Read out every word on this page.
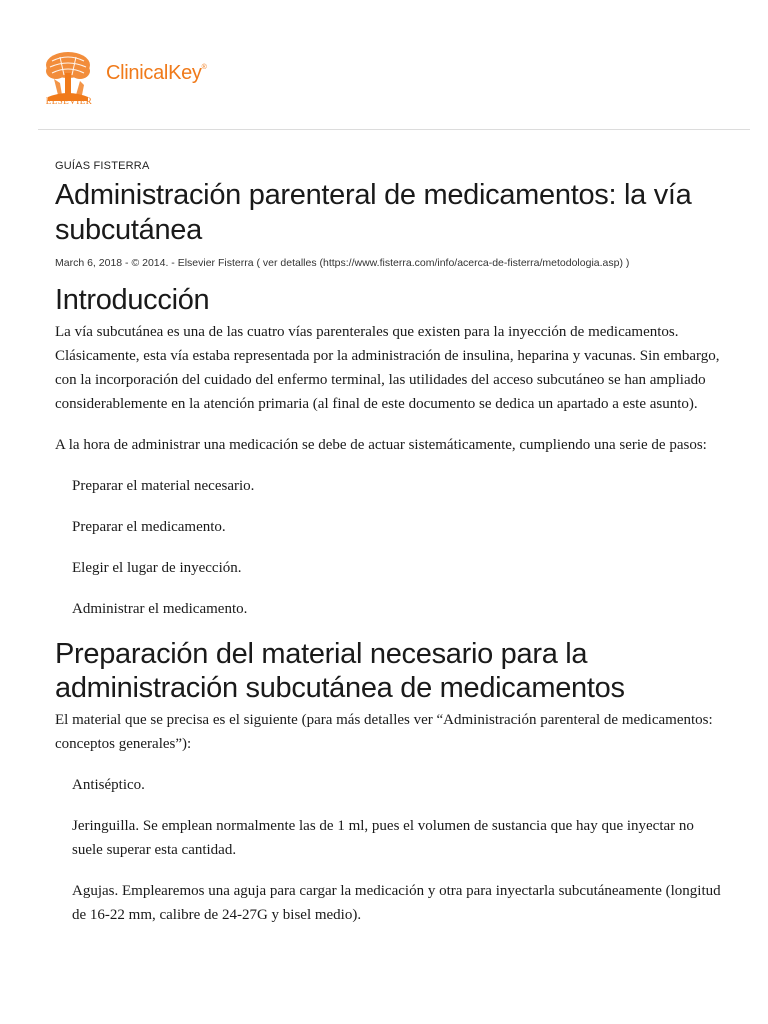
ELSEVIER
ClinicalKey®

GUÍAS FISTERRA

Administración parenteral de medicamentos: la vía subcutánea

March 6, 2018 - © 2014. - Elsevier Fisterra ( ver detalles (https://www.fisterra.com/info/acerca-de-fisterra/metodologia.asp) )

Introducción

La vía subcutánea es una de las cuatro vías parenterales que existen para la inyección de medicamentos. Clásicamente, esta vía estaba representada por la administración de insulina, heparina y vacunas. Sin embargo, con la incorporación del cuidado del enfermo terminal, las utilidades del acceso subcutáneo se han ampliado considerablemente en la atención primaria (al final de este documento se dedica un apartado a este asunto).

A la hora de administrar una medicación se debe de actuar sistemáticamente, cumpliendo una serie de pasos:

Preparar el material necesario.

Preparar el medicamento.

Elegir el lugar de inyección.

Administrar el medicamento.

Preparación del material necesario para la administración subcutánea de medicamentos

El material que se precisa es el siguiente (para más detalles ver “Administración parenteral de medicamentos: conceptos generales”):

Antiséptico.

Jeringuilla. Se emplean normalmente las de 1 ml, pues el volumen de sustancia que hay que inyectar no suele superar esta cantidad.

Agujas. Emplearemos una aguja para cargar la medicación y otra para inyectarla subcutáneamente (longitud de 16-22 mm, calibre de 24-27G y bisel medio).
